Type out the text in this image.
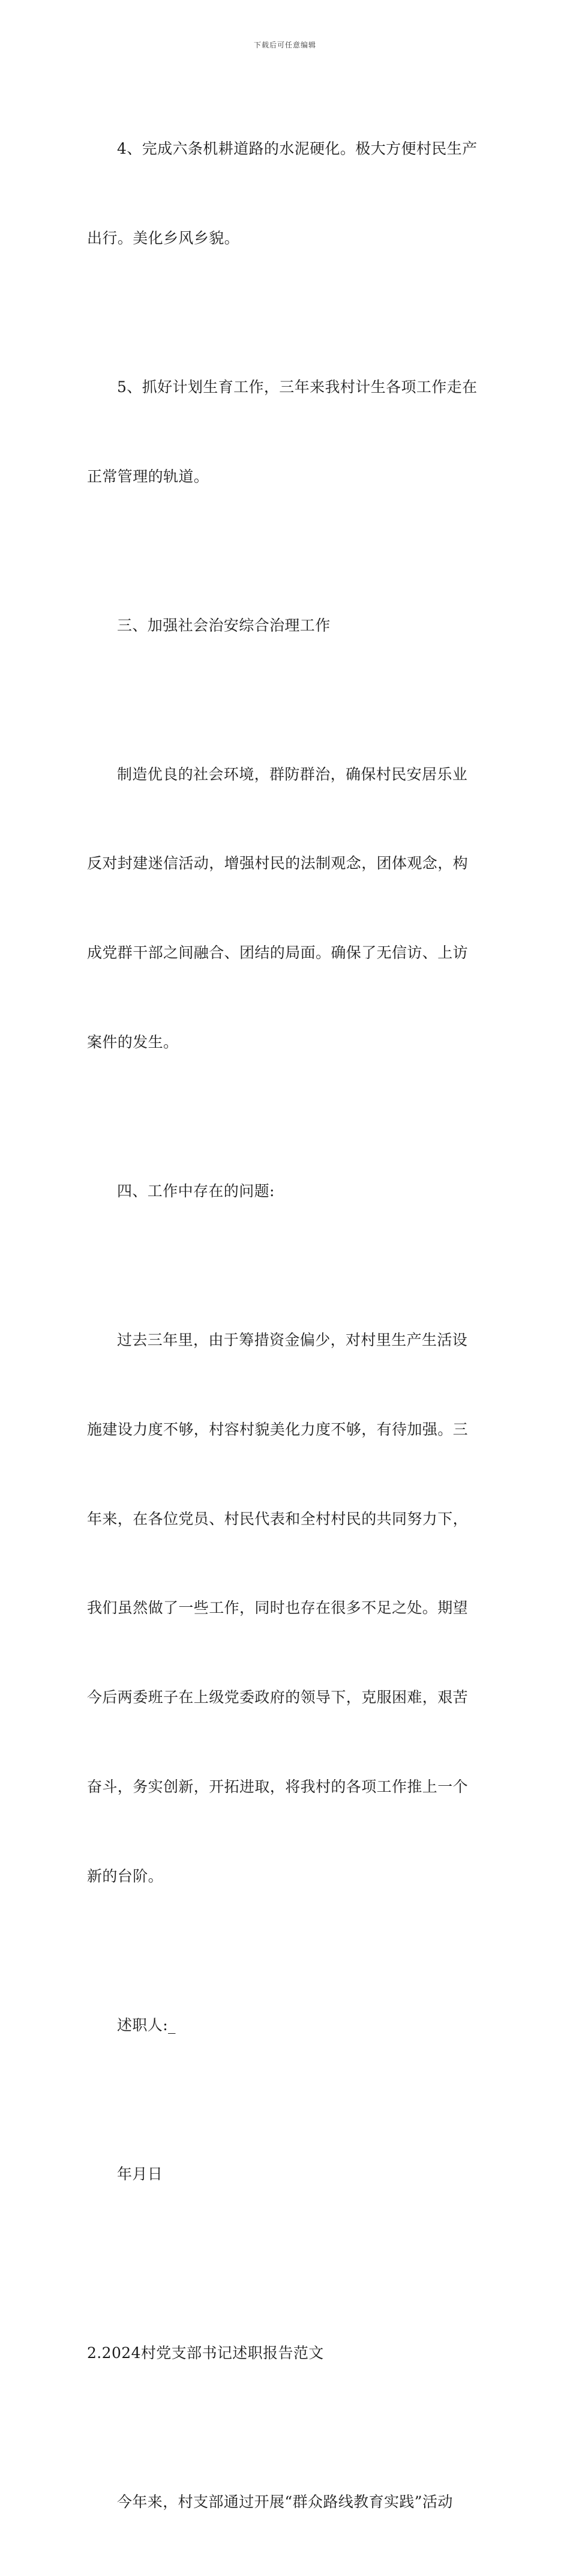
下载后可任意编辑

4、完成六条机耕道路的水泥硬化。极大方便村民生产

出行。美化乡风乡貌。

5、抓好计划生育工作，三年来我村计生各项工作走在

正常管理的轨道。

三、加强社会治安综合治理工作

制造优良的社会环境，群防群治，确保村民安居乐业

反对封建迷信活动，增强村民的法制观念，团体观念，构

成党群干部之间融合、团结的局面。确保了无信访、上访

案件的发生。

四、工作中存在的问题:

过去三年里，由于筹措资金偏少，对村里生产生活设

施建设力度不够，村容村貌美化力度不够，有待加强。三

年来，在各位党员、村民代表和全村村民的共同努力下，

我们虽然做了一些工作，同时也存在很多不足之处。期望

今后两委班子在上级党委政府的领导下，克服困难，艰苦

奋斗，务实创新，开拓进取，将我村的各项工作推上一个

新的台阶。

述职人:_

年月日

2.2024村党支部书记述职报告范文

今年来，村支部通过开展“群众路线教育实践”活动
